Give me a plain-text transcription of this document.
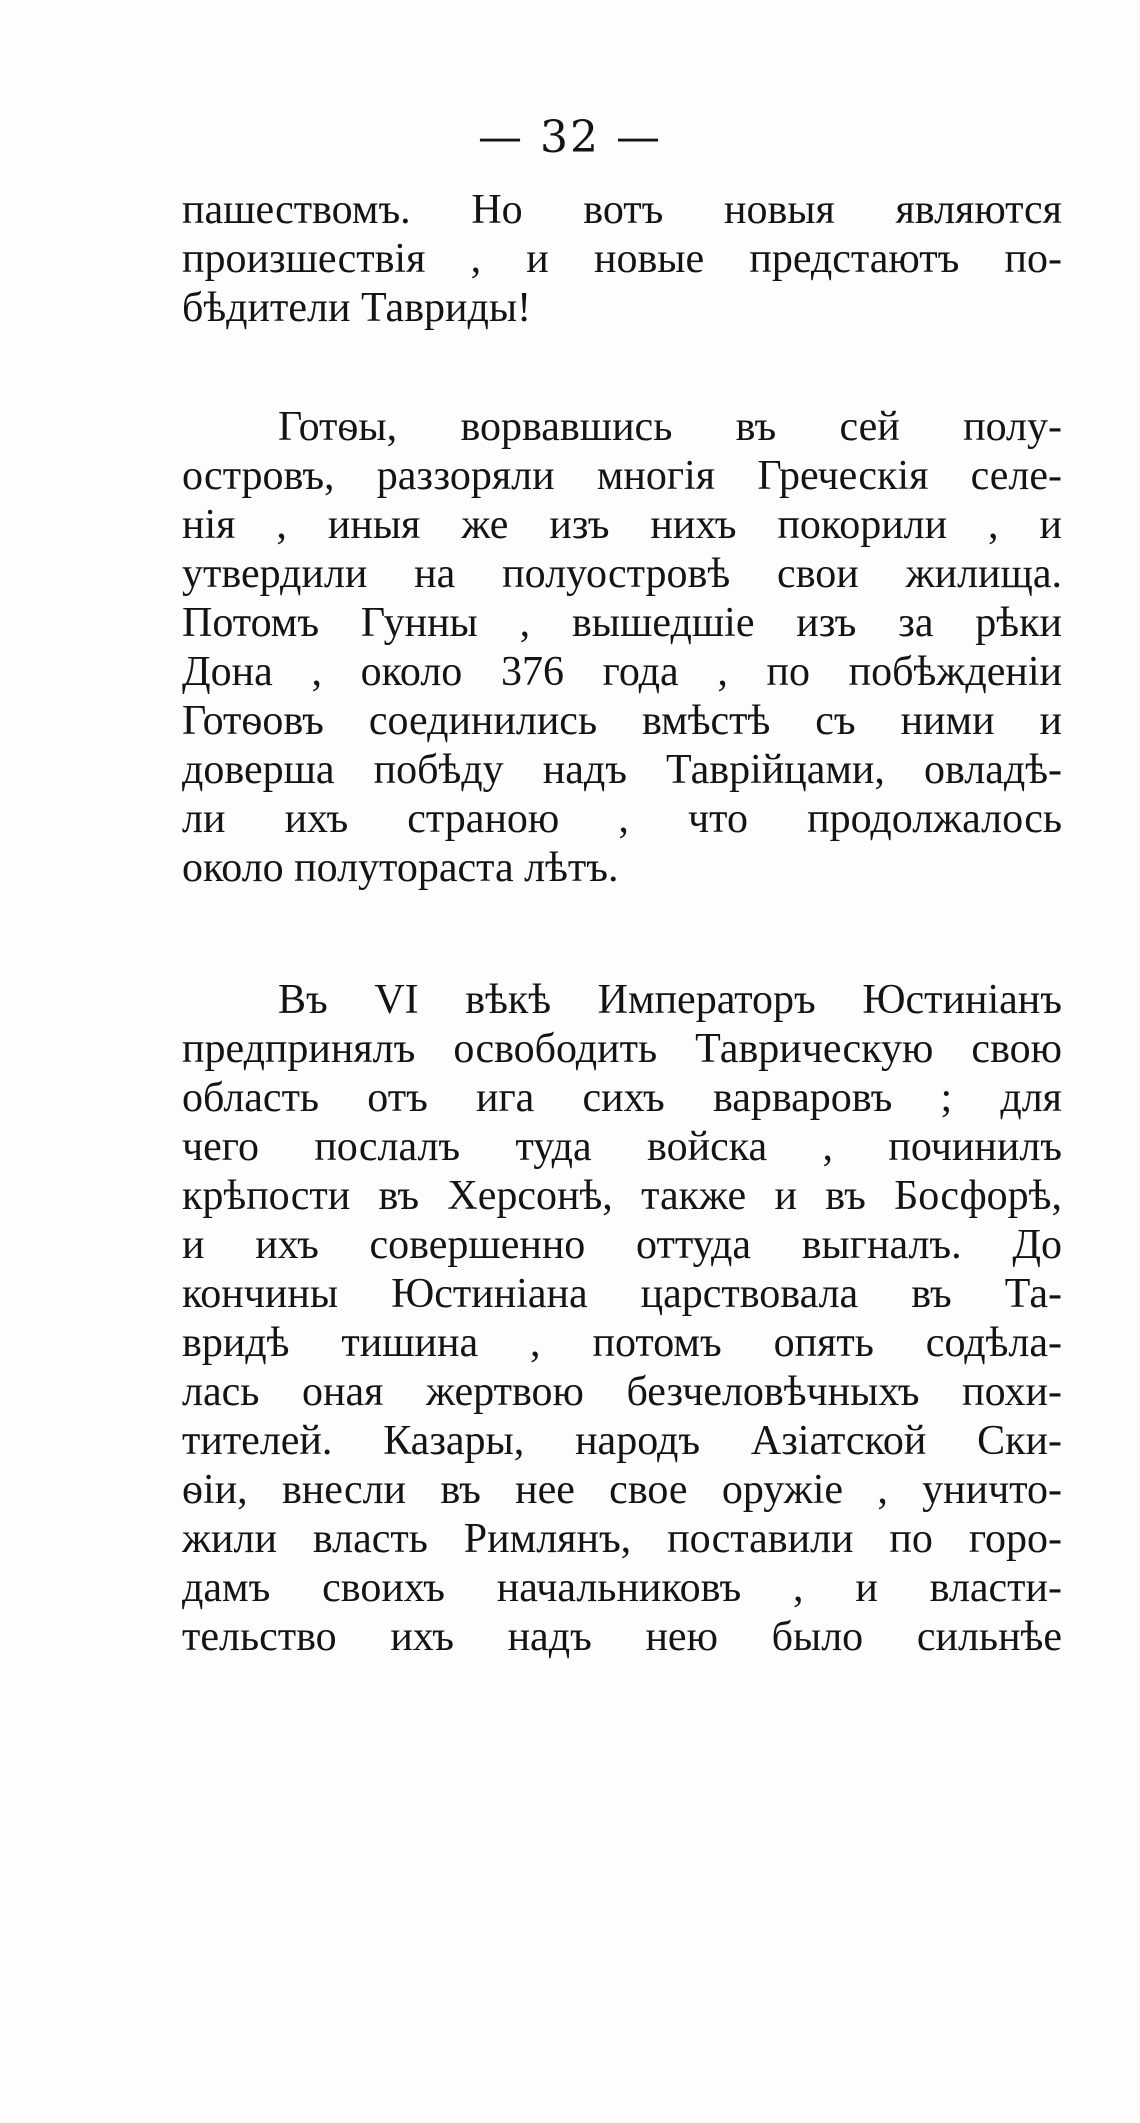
— 32 —
пашествомъ. Но вотъ новыя являются
произшествія , и новые предстаютъ по-
бѣдители Тавриды!
Готѳы, ворвавшись въ сей полу-
островъ, раззоряли многія Греческія селе-
нія , иныя же изъ нихъ покорили , и
утвердили на полуостровѣ свои жилища.
Потомъ Гунны , вышедшіе изъ за рѣки
Дона , около 376 года , по побѣжденіи
Готѳовъ соединились вмѣстѣ съ ними и
доверша побѣду надъ Таврійцами, овладѣ-
ли ихъ страною , что продолжалось
около полутораста лѣтъ.
Въ VI вѣкѣ Императоръ Юстиніанъ
предпринялъ освободить Таврическую свою
область отъ ига сихъ варваровъ ; для
чего послалъ туда войска , починилъ
крѣпости въ Херсонѣ, также и въ Босфорѣ,
и ихъ совершенно оттуда выгналъ. До
кончины Юстиніана царствовала въ Та-
вридѣ тишина , потомъ опять содѣла-
лась оная жертвою безчеловѣчныхъ похи-
тителей. Казары, народъ Азіатской Ски-
ѳіи, внесли въ нее свое оружіе , уничто-
жили власть Римлянъ, поставили по горо-
дамъ своихъ начальниковъ , и власти-
тельство ихъ надъ нею было сильнѣе
